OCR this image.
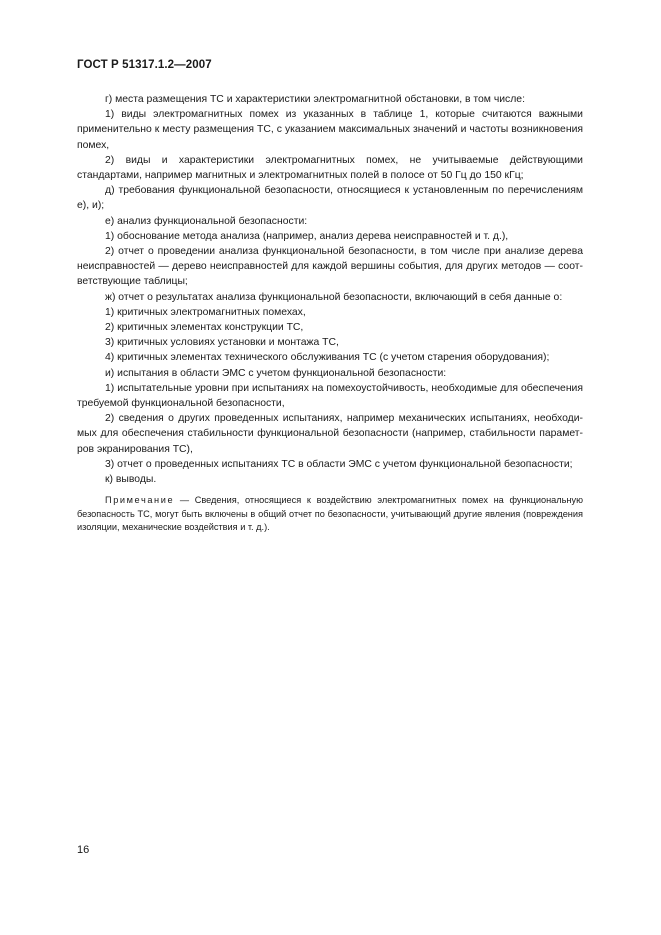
ГОСТ Р 51317.1.2—2007

г) места размещения ТС и характеристики электромагнитной обстановки, в том числе:

1) виды электромагнитных помех из указанных в таблице 1, которые считаются важными применительно к месту размещения ТС, с указанием максимальных значений и частоты возникновения помех,

2) виды и характеристики электромагнитных помех, не учитываемые действующими стандартами, например магнитных и электромагнитных полей в полосе от 50 Гц до 150 кГц;

д) требования функциональной безопасности, относящиеся к установленным по перечислениям е), и);

е) анализ функциональной безопасности:

1) обоснование метода анализа (например, анализ дерева неисправностей и т. д.),

2) отчет о проведении анализа функциональной безопасности, в том числе при анализе дерева неисправностей — дерево неисправностей для каждой вершины события, для других методов — соответствующие таблицы;

ж) отчет о результатах анализа функциональной безопасности, включающий в себя данные о:

1) критичных электромагнитных помехах,

2) критичных элементах конструкции ТС,

3) критичных условиях установки и монтажа ТС,

4) критичных элементах технического обслуживания ТС (с учетом старения оборудования);

и) испытания в области ЭМС с учетом функциональной безопасности:

1) испытательные уровни при испытаниях на помехоустойчивость, необходимые для обеспечения требуемой функциональной безопасности,

2) сведения о других проведенных испытаниях, например механических испытаниях, необходимых для обеспечения стабильности функциональной безопасности (например, стабильности параметров экранирования ТС),

3) отчет о проведенных испытаниях ТС в области ЭМС с учетом функциональной безопасности;

к) выводы.

Примечание — Сведения, относящиеся к воздействию электромагнитных помех на функциональную безопасность ТС, могут быть включены в общий отчет по безопасности, учитывающий другие явления (повреждения изоляции, механические воздействия и т. д.).

16
